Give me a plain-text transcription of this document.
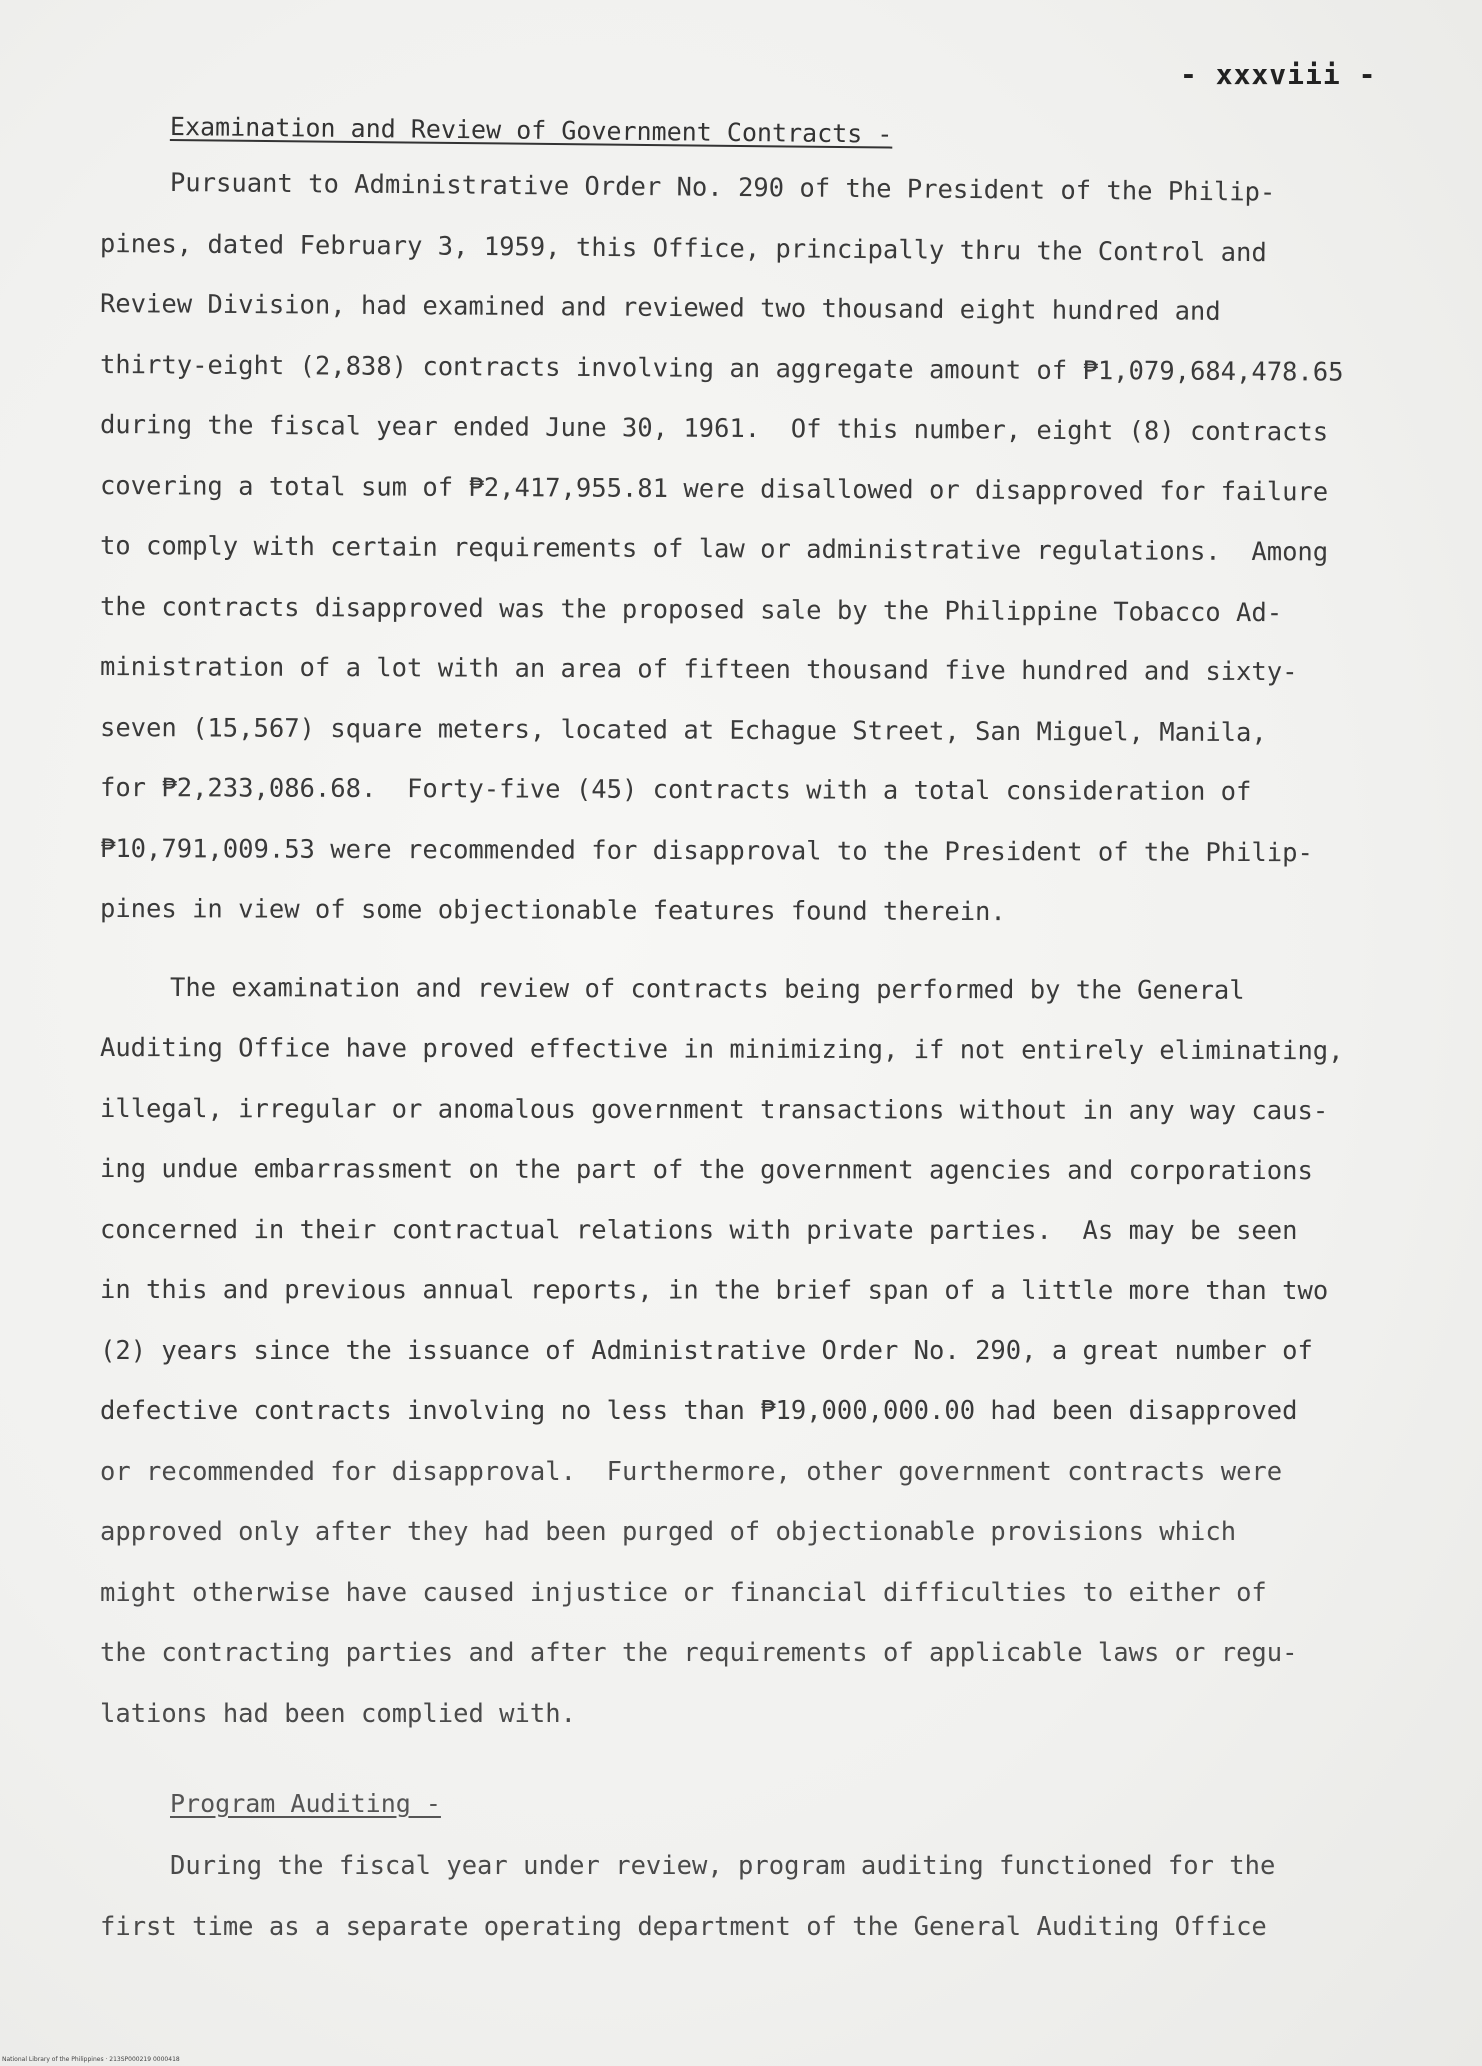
- xxxviii -
Examination and Review of Government Contracts -
Pursuant to Administrative Order No. 290 of the President of the Philip-
pines, dated February 3, 1959, this Office, principally thru the Control and
Review Division, had examined and reviewed two thousand eight hundred and
thirty-eight (2,838) contracts involving an aggregate amount of ₱1,079,684,478.65
during the fiscal year ended June 30, 1961.  Of this number, eight (8) contracts
covering a total sum of ₱2,417,955.81 were disallowed or disapproved for failure
to comply with certain requirements of law or administrative regulations.  Among
the contracts disapproved was the proposed sale by the Philippine Tobacco Ad-
ministration of a lot with an area of fifteen thousand five hundred and sixty-
seven (15,567) square meters, located at Echague Street, San Miguel, Manila,
for ₱2,233,086.68.  Forty-five (45) contracts with a total consideration of
₱10,791,009.53 were recommended for disapproval to the President of the Philip-
pines in view of some objectionable features found therein.
The examination and review of contracts being performed by the General
Auditing Office have proved effective in minimizing, if not entirely eliminating,
illegal, irregular or anomalous government transactions without in any way caus-
ing undue embarrassment on the part of the government agencies and corporations
concerned in their contractual relations with private parties.  As may be seen
in this and previous annual reports, in the brief span of a little more than two
(2) years since the issuance of Administrative Order No. 290, a great number of
defective contracts involving no less than ₱19,000,000.00 had been disapproved
or recommended for disapproval.  Furthermore, other government contracts were
approved only after they had been purged of objectionable provisions which
might otherwise have caused injustice or financial difficulties to either of
the contracting parties and after the requirements of applicable laws or regu-
lations had been complied with.
Program Auditing -
During the fiscal year under review, program auditing functioned for the
first time as a separate operating department of the General Auditing Office
National Library of the Philippines · 213SP000219 0000418
